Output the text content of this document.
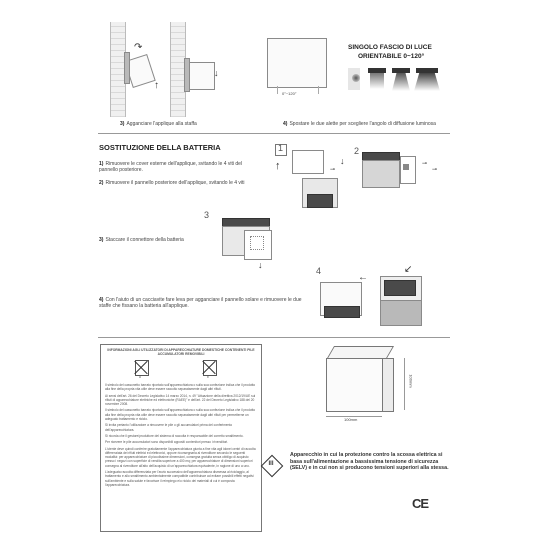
↑
↷
↓
0°~120°
SINGOLO FASCIO DI LUCE
ORIENTABILE 0~120°
3) Agganciare l'applique alla staffa	4) Spostare le due alette per scegliere l'angolo di diffusione luminosa
SOSTITUZIONE DELLA BATTERIA
1) Rimuovere le cover esterne dell'applique, svitando le 4 viti del pannello posteriore.
2) Rimuovere il pannello posteriore dell'applique, svitando le 4 viti
3) Staccare il connettore della batteria
4) Con l'aiuto di un cacciavite fare leva per agganciare il pannello solare e rimuovere le due staffe che fissano la batteria all'applique.
1
↑	↓
⊸
2
⊸
⊸
3
↓
4
←
↙
INFORMAZIONI AGLI UTILIZZATORI DI APPARECCHIATURE DOMESTICHE CONTENENTI PILE ACCUMULATORI REMOVIBILI
a	b
Il simbolo del cassonetto barrato riportato sull'apparecchiatura o sulla sua confezione indica che il prodotto alla fine della propria vita utile deve essere raccolto separatamente dagli altri rifiuti.
Ai sensi dell'art. 26 del Decreto Legislativo 14 marzo 2014, n. 49 "Attuazione della direttiva 2012/19/UE sui rifiuti di apparecchiature elettriche ed elettroniche (RAEE)" e dell'art. 22 del Decreto Legislativo 188 del 20 novembre 2008.
Il simbolo del cassonetto barrato riportato sull'apparecchiatura o sulla sua confezione indica che il prodotto alla fine della propria vita utile deve essere raccolto separatamente dagli altri rifiuti per permetterne un adeguato trattamento e riciclo.
Si invita pertanto l'utilizzatore a rimuovere le pile o gli accumulatori prima del conferimento dell'apparecchiatura.
Si ricorda che il gestore/produttore del sistema di raccolta è responsabile del corretto smaltimento.
Per ricevere le pile accumulatori sono disponibili appositi contenitori presso i rivenditori.
L'utente deve quindi conferire gratuitamente l'apparecchiatura giunta a fine vita agli idonei centri di raccolta differenziata dei rifiuti elettrici ed elettronici, oppure riconsegnarla al rivenditore secondo le seguenti modalità: per apparecchiature di piccolissime dimensioni, consegna gratuita senza obbligo di acquisto presso i negozi con superficie di vendita superiore a 400 mq; per apparecchiature di dimensioni superiori consegna al rivenditore all'atto dell'acquisto di un'apparecchiatura equivalente, in ragione di uno a uno.
L'adeguata raccolta differenziata per l'avvio successivo dell'apparecchiatura dismessa al riciclaggio, al trattamento e allo smaltimento ambientalmente compatibile contribuisce ad evitare possibili effetti negativi sull'ambiente e sulla salute e favorisce il reimpiego e/o riciclo dei materiali di cui è composta l'apparecchiatura.
100mm
100mm
III
Apparecchio in cui la protezione contro la scossa elettrica si basa sull'alimentazione a bassissima tensione di sicurezza (SELV) e in cui non si producono tensioni superiori alla stessa.
CE
